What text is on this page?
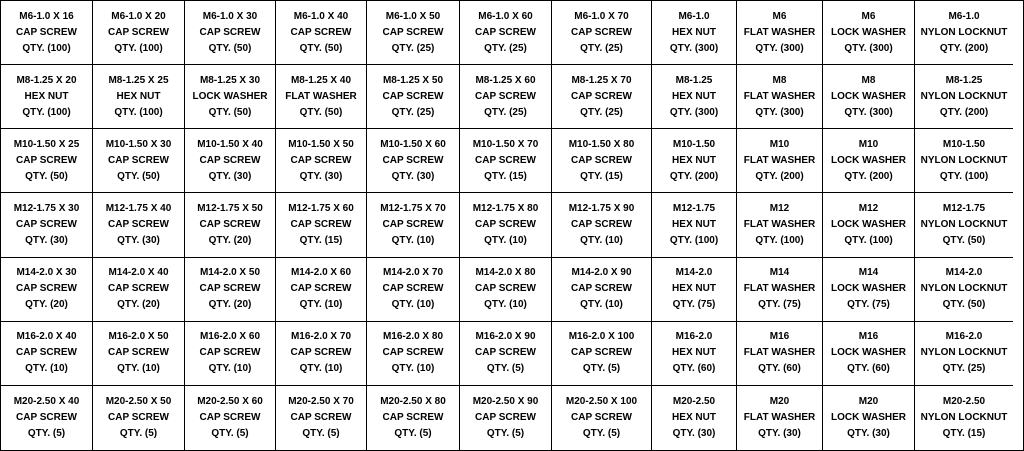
M6-1.0 X 16
CAP SCREW
QTY. (100)
M6-1.0 X 20
CAP SCREW
QTY. (100)
M6-1.0 X 30
CAP SCREW
QTY. (50)
M6-1.0 X 40
CAP SCREW
QTY. (50)
M6-1.0 X 50
CAP SCREW
QTY. (25)
M6-1.0 X 60
CAP SCREW
QTY. (25)
M6-1.0 X 70
CAP SCREW
QTY. (25)
M6-1.0
HEX NUT
QTY. (300)
M6
FLAT WASHER
QTY. (300)
M6
LOCK WASHER
QTY. (300)
M6-1.0
NYLON LOCKNUT
QTY. (200)
M8-1.25 X 20
HEX NUT
QTY. (100)
M8-1.25 X 25
HEX NUT
QTY. (100)
M8-1.25 X 30
LOCK WASHER
QTY. (50)
M8-1.25 X 40
FLAT WASHER
QTY. (50)
M8-1.25 X 50
CAP SCREW
QTY. (25)
M8-1.25 X 60
CAP SCREW
QTY. (25)
M8-1.25 X 70
CAP SCREW
QTY. (25)
M8-1.25
HEX NUT
QTY. (300)
M8
FLAT WASHER
QTY. (300)
M8
LOCK WASHER
QTY. (300)
M8-1.25
NYLON LOCKNUT
QTY. (200)
M10-1.50 X 25
CAP SCREW
QTY. (50)
M10-1.50 X 30
CAP SCREW
QTY. (50)
M10-1.50 X 40
CAP SCREW
QTY. (30)
M10-1.50 X 50
CAP SCREW
QTY. (30)
M10-1.50 X 60
CAP SCREW
QTY. (30)
M10-1.50 X 70
CAP SCREW
QTY. (15)
M10-1.50 X 80
CAP SCREW
QTY. (15)
M10-1.50
HEX NUT
QTY. (200)
M10
FLAT WASHER
QTY. (200)
M10
LOCK WASHER
QTY. (200)
M10-1.50
NYLON LOCKNUT
QTY. (100)
M12-1.75 X 30
CAP SCREW
QTY. (30)
M12-1.75 X 40
CAP SCREW
QTY. (30)
M12-1.75 X 50
CAP SCREW
QTY. (20)
M12-1.75 X 60
CAP SCREW
QTY. (15)
M12-1.75 X 70
CAP SCREW
QTY. (10)
M12-1.75 X 80
CAP SCREW
QTY. (10)
M12-1.75 X 90
CAP SCREW
QTY. (10)
M12-1.75
HEX NUT
QTY. (100)
M12
FLAT WASHER
QTY. (100)
M12
LOCK WASHER
QTY. (100)
M12-1.75
NYLON LOCKNUT
QTY. (50)
M14-2.0 X 30
CAP SCREW
QTY. (20)
M14-2.0 X 40
CAP SCREW
QTY. (20)
M14-2.0 X 50
CAP SCREW
QTY. (20)
M14-2.0 X 60
CAP SCREW
QTY. (10)
M14-2.0 X 70
CAP SCREW
QTY. (10)
M14-2.0 X 80
CAP SCREW
QTY. (10)
M14-2.0 X 90
CAP SCREW
QTY. (10)
M14-2.0
HEX NUT
QTY. (75)
M14
FLAT WASHER
QTY. (75)
M14
LOCK WASHER
QTY. (75)
M14-2.0
NYLON LOCKNUT
QTY. (50)
M16-2.0 X 40
CAP SCREW
QTY. (10)
M16-2.0 X 50
CAP SCREW
QTY. (10)
M16-2.0 X 60
CAP SCREW
QTY. (10)
M16-2.0 X 70
CAP SCREW
QTY. (10)
M16-2.0 X 80
CAP SCREW
QTY. (10)
M16-2.0 X 90
CAP SCREW
QTY. (5)
M16-2.0 X 100
CAP SCREW
QTY. (5)
M16-2.0
HEX NUT
QTY. (60)
M16
FLAT WASHER
QTY. (60)
M16
LOCK WASHER
QTY. (60)
M16-2.0
NYLON LOCKNUT
QTY. (25)
M20-2.50 X 40
CAP SCREW
QTY. (5)
M20-2.50 X 50
CAP SCREW
QTY. (5)
M20-2.50 X 60
CAP SCREW
QTY. (5)
M20-2.50 X 70
CAP SCREW
QTY. (5)
M20-2.50 X 80
CAP SCREW
QTY. (5)
M20-2.50 X 90
CAP SCREW
QTY. (5)
M20-2.50 X 100
CAP SCREW
QTY. (5)
M20-2.50
HEX NUT
QTY. (30)
M20
FLAT WASHER
QTY. (30)
M20
LOCK WASHER
QTY. (30)
M20-2.50
NYLON LOCKNUT
QTY. (15)
